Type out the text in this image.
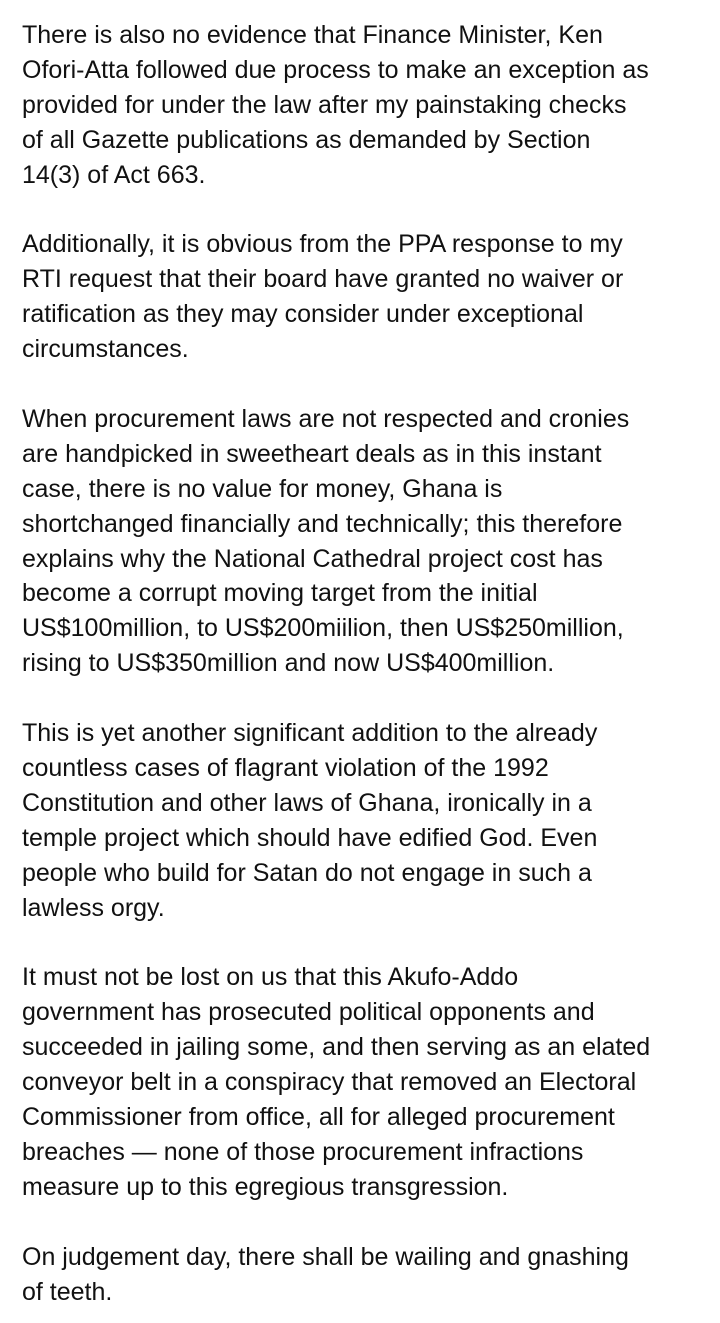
There is also no evidence that Finance Minister, Ken
Ofori-Atta followed due process to make an exception as
provided for under the law after my painstaking checks
of all Gazette publications as demanded by Section
14(3) of Act 663.
Additionally, it is obvious from the PPA response to my
RTI request that their board have granted no waiver or
ratification as they may consider under exceptional
circumstances.
When procurement laws are not respected and cronies
are handpicked in sweetheart deals as in this instant
case, there is no value for money, Ghana is
shortchanged financially and technically; this therefore
explains why the National Cathedral project cost has
become a corrupt moving target from the initial
US$100million, to US$200miilion, then US$250million,
rising to US$350million and now US$400million.
This is yet another significant addition to the already
countless cases of flagrant violation of the 1992
Constitution and other laws of Ghana, ironically in a
temple project which should have edified God. Even
people who build for Satan do not engage in such a
lawless orgy.
It must not be lost on us that this Akufo-Addo
government has prosecuted political opponents and
succeeded in jailing some, and then serving as an elated
conveyor belt in a conspiracy that removed an Electoral
Commissioner from office, all for alleged procurement
breaches — none of those procurement infractions
measure up to this egregious transgression.
On judgement day, there shall be wailing and gnashing
of teeth.
